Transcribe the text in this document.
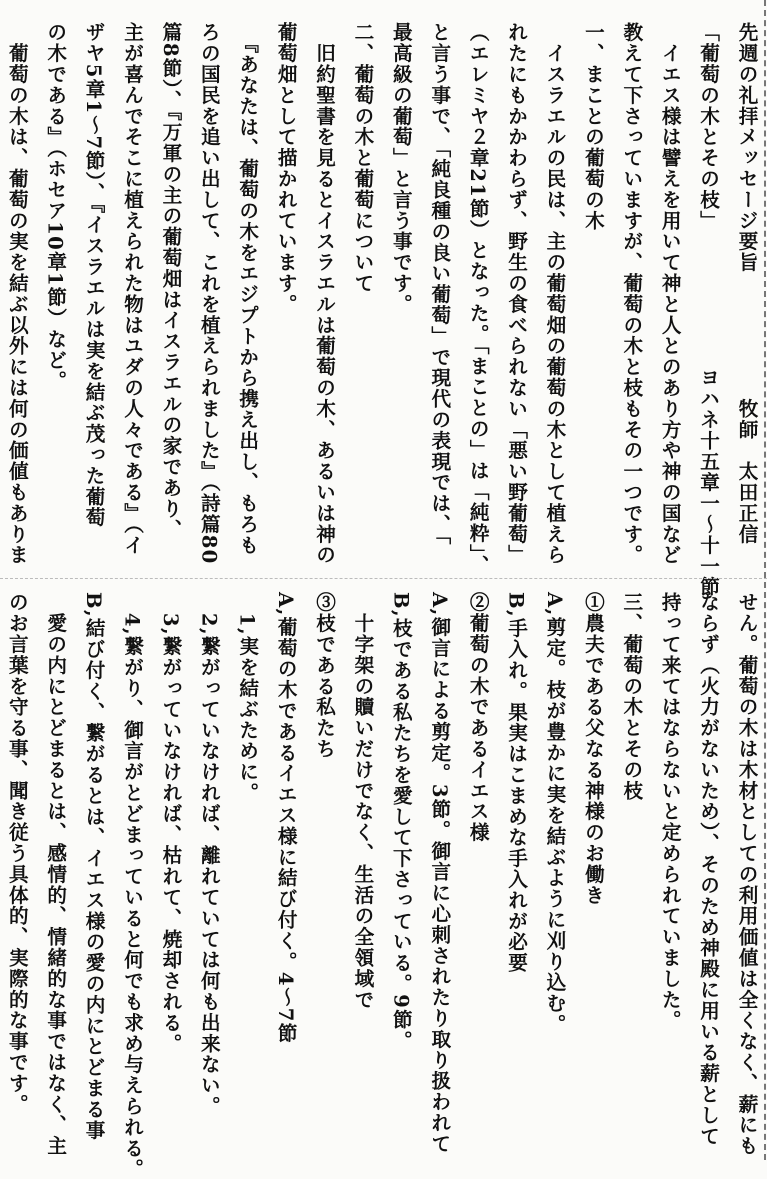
先週の礼拝メッセージ要旨　　　　　　牧師　太田正信
「葡萄の木とその枝」　　　　　　　ヨハネ十五章一〜十一節
　イエス様は譬えを用いて神と人とのあり方や神の国など
教えて下さっていますが、葡萄の木と枝もその一つです。
一、まことの葡萄の木
　イスラエルの民は、主の葡萄畑の葡萄の木として植えら
れたにもかかわらず、野生の食べられない「悪い野葡萄」
（エレミヤ２章21節）となった。「まことの」は「純粋」、
と言う事で、「純良種の良い葡萄」で現代の表現では、「
最高級の葡萄」と言う事です。
二、葡萄の木と葡萄について
　旧約聖書を見るとイスラエルは葡萄の木、あるいは神の
葡萄畑として描かれています。
　『あなたは、葡萄の木をエジプトから携え出し、もろも
ろの国民を追い出して、これを植えられました』（詩篇80
篇8節）、『万軍の主の葡萄畑はイスラエルの家であり、
主が喜んでそこに植えられた物はユダの人々である』（イ
ザヤ5章1〜7節）、『イスラエルは実を結ぶ茂った葡萄
の木である』（ホセア10章1節）など。
　葡萄の木は、葡萄の実を結ぶ以外には何の価値もありま
せん。葡萄の木は木材としての利用価値は全くなく、薪にも
ならず（火力がないため）、そのため神殿に用いる薪として
持って来てはならないと定められていました。
三、葡萄の木とその枝
①農夫である父なる神様のお働き
A,剪定。枝が豊かに実を結ぶように刈り込む。
B,手入れ。果実はこまめな手入れが必要
②葡萄の木であるイエス様
A,御言による剪定。3節。御言に心刺されたり取り扱われて
B,枝である私たちを愛して下さっている。9節。
　十字架の贖いだけでなく、生活の全領域で
③枝である私たち
A,葡萄の木であるイエス様に結び付く。4〜7節
　1,実を結ぶために。
　2,繋がっていなければ、離れていては何も出来ない。
　3,繋がっていなければ、枯れて、焼却される。
　4,繋がり、御言がとどまっていると何でも求め与えられる。
B,結び付く、繋がるとは、イエス様の愛の内にとどまる事
　愛の内にとどまるとは、感情的、情緒的な事ではなく、主
のお言葉を守る事、聞き従う具体的、実際的な事です。
